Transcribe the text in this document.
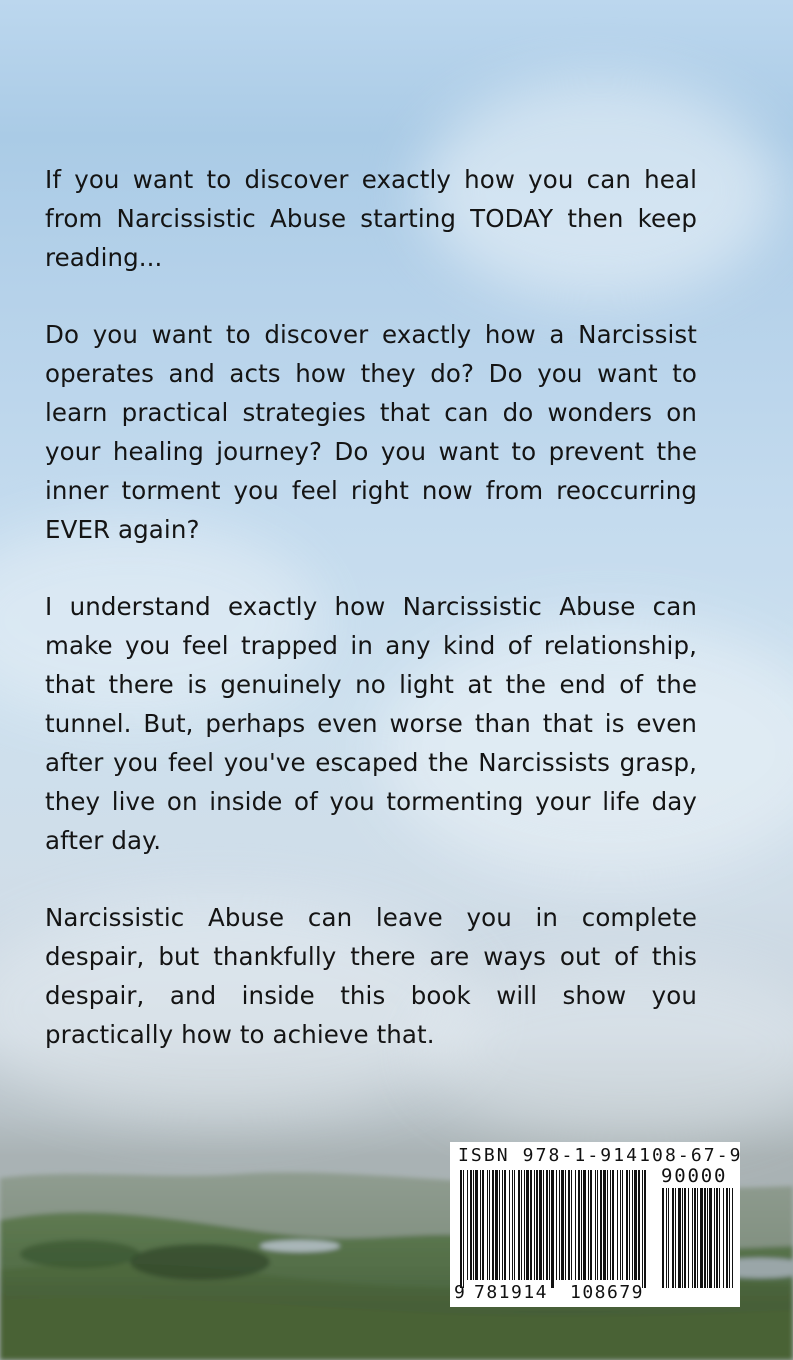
If you want to discover exactly how you can heal from Narcissistic Abuse starting TODAY then keep reading...

Do you want to discover exactly how a Narcissist operates and acts how they do? Do you want to learn practical strategies that can do wonders on your healing journey? Do you want to prevent the inner torment you feel right now from reoccurring EVER again?

I understand exactly how Narcissistic Abuse can make you feel trapped in any kind of relationship, that there is genuinely no light at the end of the tunnel. But, perhaps even worse than that is even after you feel you've escaped the Narcissists grasp, they live on inside of you tormenting your life day after day.

Narcissistic Abuse can leave you in complete despair, but thankfully there are ways out of this despair, and inside this book will show you practically how to achieve that.

ISBN 978-1-914108-67-9
90000
9 781914 108679
